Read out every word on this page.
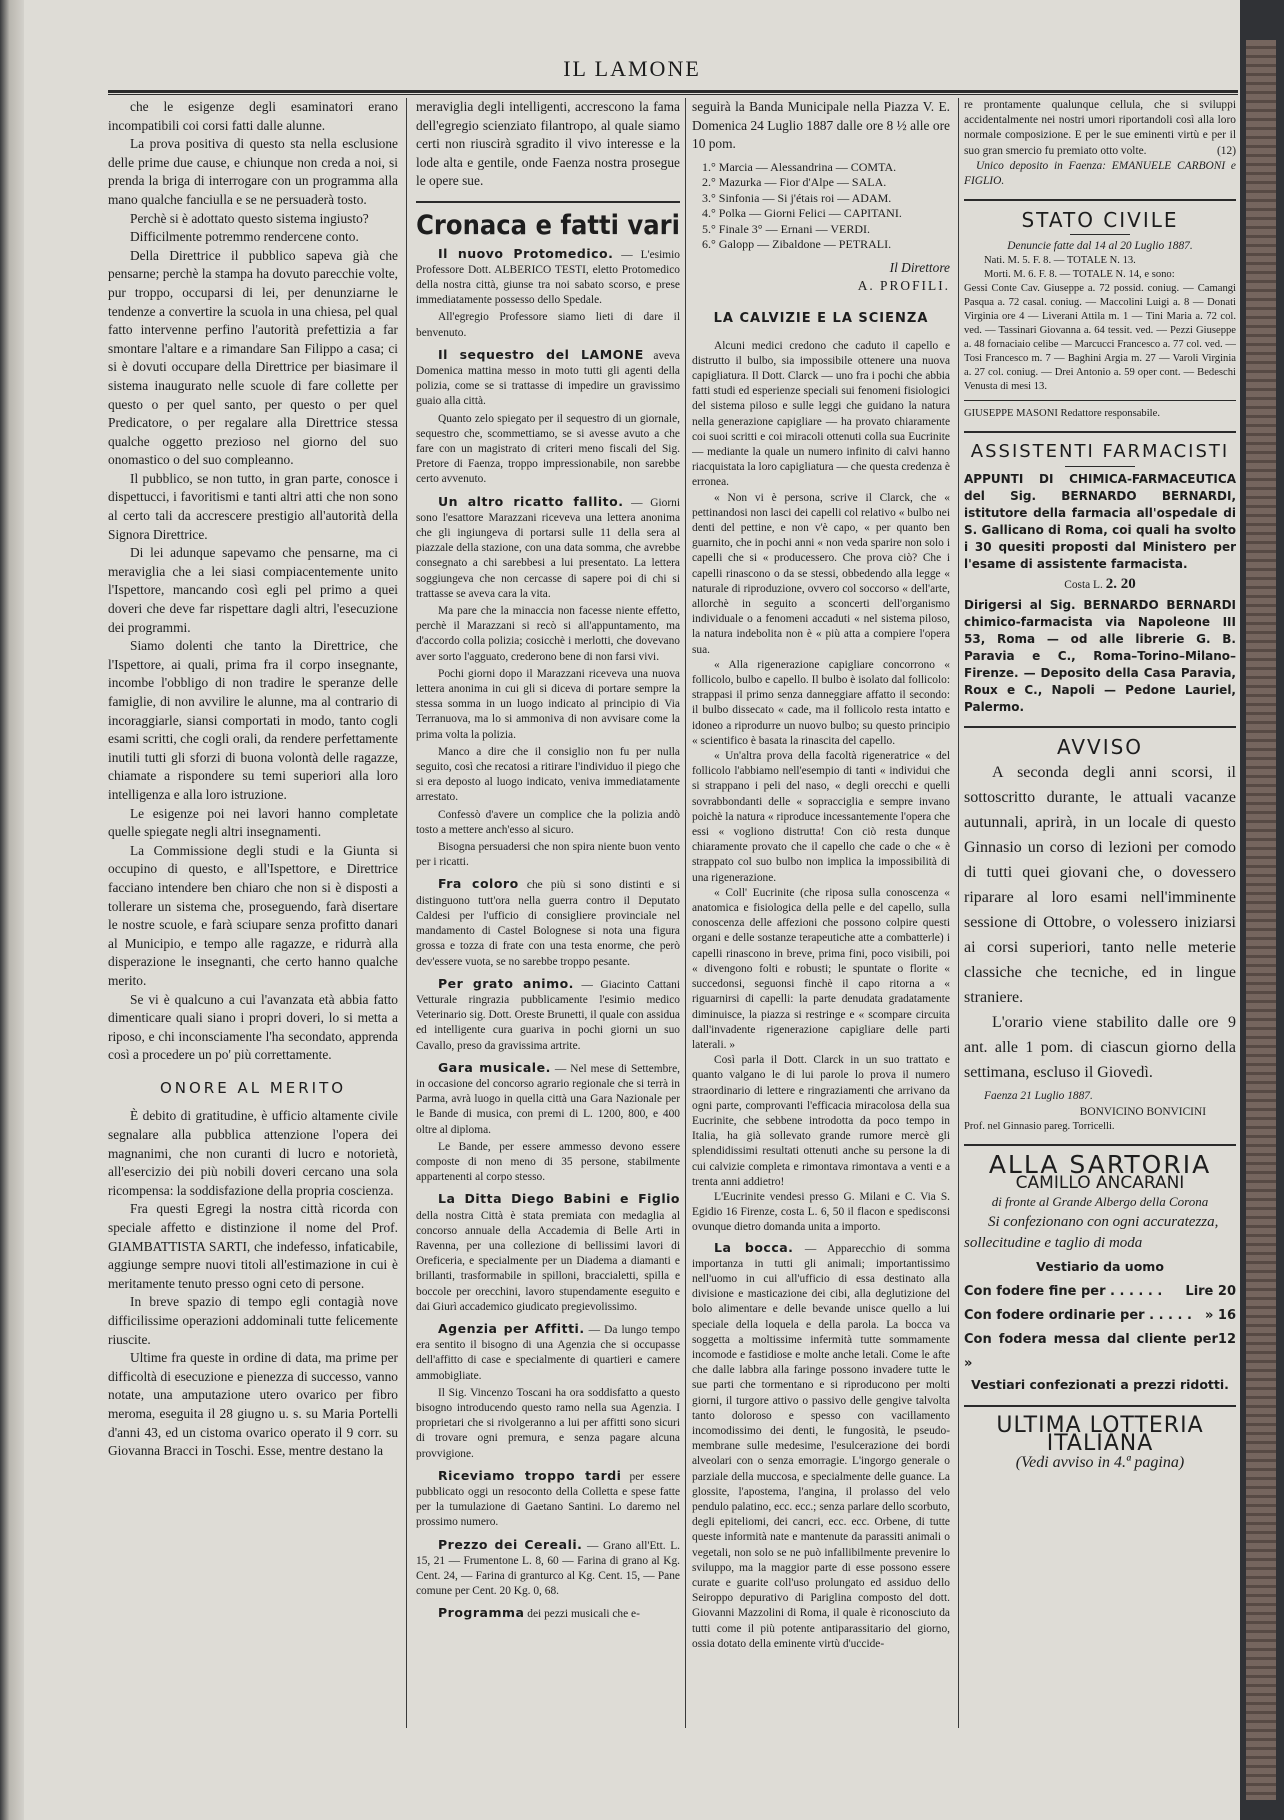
IL LAMONE

che le esigenze degli esaminatori erano incompatibili coi corsi fatti dalle alunne.

La prova positiva di questo sta nella esclusione delle prime due cause, e chiunque non creda a noi, si prenda la briga di interrogare con un programma alla mano qualche fanciulla e se ne persuaderà tosto.

Perchè si è adottato questo sistema ingiusto?

Difficilmente potremmo rendercene conto.

Della Direttrice il pubblico sapeva già che pensarne; perchè la stampa ha dovuto parecchie volte, pur troppo, occuparsi di lei, per denunziarne le tendenze a convertire la scuola in una chiesa, pel qual fatto intervenne perfino l'autorità prefettizia a far smontare l'altare e a rimandare San Filippo a casa; ci si è dovuti occupare della Direttrice per biasimare il sistema inaugurato nelle scuole di fare collette per questo o per quel santo, per questo o per quel Predicatore, o per regalare alla Direttrice stessa qualche oggetto prezioso nel giorno del suo onomastico o del suo compleanno.

Il pubblico, se non tutto, in gran parte, conosce i dispettucci, i favoritismi e tanti altri atti che non sono al certo tali da accrescere prestigio all'autorità della Signora Direttrice.

Di lei adunque sapevamo che pensarne, ma ci meraviglia che a lei siasi compiacentemente unito l'Ispettore, mancando così egli pel primo a quei doveri che deve far rispettare dagli altri, l'esecuzione dei programmi.

Siamo dolenti che tanto la Direttrice, che l'Ispettore, ai quali, prima fra il corpo insegnante, incombe l'obbligo di non tradire le speranze delle famiglie, di non avvilire le alunne, ma al contrario di incoraggiarle, siansi comportati in modo, tanto cogli esami scritti, che cogli orali, da rendere perfettamente inutili tutti gli sforzi di buona volontà delle ragazze, chiamate a rispondere su temi superiori alla loro intelligenza e alla loro istruzione.

Le esigenze poi nei lavori hanno completate quelle spiegate negli altri insegnamenti.

La Commissione degli studi e la Giunta si occupino di questo, e all'Ispettore, e Direttrice facciano intendere ben chiaro che non si è disposti a tollerare un sistema che, proseguendo, farà disertare le nostre scuole, e farà sciupare senza profitto danari al Municipio, e tempo alle ragazze, e ridurrà alla disperazione le insegnanti, che certo hanno qualche merito.

Se vi è qualcuno a cui l'avanzata età abbia fatto dimenticare quali siano i propri doveri, lo si metta a riposo, e chi inconsciamente l'ha secondato, apprenda così a procedere un po' più correttamente.

ONORE AL MERITO

È debito di gratitudine, è ufficio altamente civile segnalare alla pubblica attenzione l'opera dei magnanimi, che non curanti di lucro e notorietà, all'esercizio dei più nobili doveri cercano una sola ricompensa: la soddisfazione della propria coscienza.

Fra questi Egregi la nostra città ricorda con speciale affetto e distinzione il nome del Prof. GIAMBATTISTA SARTI, che indefesso, infaticabile, aggiunge sempre nuovi titoli all'estimazione in cui è meritamente tenuto presso ogni ceto di persone.

In breve spazio di tempo egli contagià nove difficilissime operazioni addominali tutte felicemente riuscite.

Ultime fra queste in ordine di data, ma prime per difficoltà di esecuzione e pienezza di successo, vanno notate, una amputazione utero ovarico per fibro meroma, eseguita il 28 giugno u. s. su Maria Portelli d'anni 43, ed un cistoma ovarico operato il 9 corr. su Giovanna Bracci in Toschi. Esse, mentre destano la

meraviglia degli intelligenti, accrescono la fama dell'egregio scienziato filantropo, al quale siamo certi non riuscirà sgradito il vivo interesse e la lode alta e gentile, onde Faenza nostra prosegue le opere sue.

Cronaca e fatti vari

Il nuovo Protomedico. — L'esimio Professore Dott. ALBERICO TESTI, eletto Protomedico della nostra città, giunse tra noi sabato scorso, e prese immediatamente possesso dello Spedale.

All'egregio Professore siamo lieti di dare il benvenuto.

Il sequestro del LAMONE aveva Domenica mattina messo in moto tutti gli agenti della polizia, come se si trattasse di impedire un gravissimo guaio alla città.

Quanto zelo spiegato per il sequestro di un giornale, sequestro che, scommettiamo, se si avesse avuto a che fare con un magistrato di criteri meno fiscali del Sig. Pretore di Faenza, troppo impressionabile, non sarebbe certo avvenuto.

Un altro ricatto fallito. — Giorni sono l'esattore Marazzani riceveva una lettera anonima che gli ingiungeva di portarsi sulle 11 della sera al piazzale della stazione, con una data somma, che avrebbe consegnato a chi sarebbesi a lui presentato. La lettera soggiungeva che non cercasse di sapere poi di chi si trattasse se aveva cara la vita.

Ma pare che la minaccia non facesse niente effetto, perchè il Marazzani si recò si all'appuntamento, ma d'accordo colla polizia; cosicchè i merlotti, che dovevano aver sorto l'agguato, crederono bene di non farsi vivi.

Pochi giorni dopo il Marazzani riceveva una nuova lettera anonima in cui gli si diceva di portare sempre la stessa somma in un luogo indicato al principio di Via Terranuova, ma lo si ammoniva di non avvisare come la prima volta la polizia.

Manco a dire che il consiglio non fu per nulla seguito, così che recatosi a ritirare l'individuo il piego che si era deposto al luogo indicato, veniva immediatamente arrestato.

Confessò d'avere un complice che la polizia andò tosto a mettere anch'esso al sicuro.

Bisogna persuadersi che non spira niente buon vento per i ricatti.

Fra coloro che più si sono distinti e si distinguono tutt'ora nella guerra contro il Deputato Caldesi per l'ufficio di consigliere provinciale nel mandamento di Castel Bolognese si nota una figura grossa e tozza di frate con una testa enorme, che però dev'essere vuota, se no sarebbe troppo pesante.

Per grato animo. — Giacinto Cattani Vetturale ringrazia pubblicamente l'esimio medico Veterinario sig. Dott. Oreste Brunetti, il quale con assidua ed intelligente cura guariva in pochi giorni un suo Cavallo, preso da gravissima artrite.

Gara musicale. — Nel mese di Settembre, in occasione del concorso agrario regionale che si terrà in Parma, avrà luogo in quella città una Gara Nazionale per le Bande di musica, con premi di L. 1200, 800, e 400 oltre al diploma.

Le Bande, per essere ammesso devono essere composte di non meno di 35 persone, stabilmente appartenenti al corpo stesso.

La Ditta Diego Babini e Figlio della nostra Città è stata premiata con medaglia al concorso annuale della Accademia di Belle Arti in Ravenna, per una collezione di bellissimi lavori di Oreficeria, e specialmente per un Diadema a diamanti e brillanti, trasformabile in spilloni, braccialetti, spilla e boccole per orecchini, lavoro stupendamente eseguito e dai Giurì accademico giudicato pregievolissimo.

Agenzia per Affitti. — Da lungo tempo era sentito il bisogno di una Agenzia che si occupasse dell'affitto di case e specialmente di quartieri e camere ammobigliate.

Il Sig. Vincenzo Toscani ha ora soddisfatto a questo bisogno introducendo questo ramo nella sua Agenzia. I proprietari che si rivolgeranno a lui per affitti sono sicuri di trovare ogni premura, e senza pagare alcuna provvigione.

Riceviamo troppo tardi per essere pubblicato oggi un resoconto della Colletta e spese fatte per la tumulazione di Gaetano Santini. Lo daremo nel prossimo numero.

Prezzo dei Cereali. — Grano all'Ett. L. 15, 21 — Frumentone L. 8, 60 — Farina di grano al Kg. Cent. 24, — Farina di granturco al Kg. Cent. 15, — Pane comune per Cent. 20 Kg. 0, 68.

Programma dei pezzi musicali che e-

seguirà la Banda Municipale nella Piazza V. E. Domenica 24 Luglio 1887 dalle ore 8 ½ alle ore 10 pom.

1.° Marcia — Alessandrina — COMTA.
2.° Mazurka — Fior d'Alpe — SALA.
3.° Sinfonia — Si j'étais roi — ADAM.
4.° Polka — Giorni Felici — CAPITANI.
5.° Finale 3° — Ernani — VERDI.
6.° Galopp — Zibaldone — PETRALI.
Il Direttore
A. PROFILI.
LA CALVIZIE E LA SCIENZA

Alcuni medici credono che caduto il capello e distrutto il bulbo, sia impossibile ottenere una nuova capigliatura. Il Dott. Clarck — uno fra i pochi che abbia fatti studi ed esperienze speciali sui fenomeni fisiologici del sistema piloso e sulle leggi che guidano la natura nella generazione capigliare — ha provato chiaramente coi suoi scritti e coi miracoli ottenuti colla sua Eucrinite — mediante la quale un numero infinito di calvi hanno riacquistata la loro capigliatura — che questa credenza è erronea.

« Non vi è persona, scrive il Clarck, che « pettinandosi non lasci dei capelli col relativo « bulbo nei denti del pettine, e non v'è capo, « per quanto ben guarnito, che in pochi anni « non veda sparire non solo i capelli che si « producessero. Che prova ciò? Che i capelli rinascono o da se stessi, obbedendo alla legge « naturale di riproduzione, ovvero col soccorso « dell'arte, allorchè in seguito a sconcerti dell'organismo individuale o a fenomeni accaduti « nel sistema piloso, la natura indebolita non è « più atta a compiere l'opera sua.

« Alla rigenerazione capigliare concorrono « follicolo, bulbo e capello. Il bulbo è isolato dal follicolo: strappasi il primo senza danneggiare affatto il secondo: il bulbo dissecato « cade, ma il follicolo resta intatto e idoneo a riprodurre un nuovo bulbo; su questo principio « scientifico è basata la rinascita del capello.

« Un'altra prova della facoltà rigeneratrice « del follicolo l'abbiamo nell'esempio di tanti « individui che si strappano i peli del naso, « degli orecchi e quelli sovrabbondanti delle « sopracciglia e sempre invano poichè la natura « riproduce incessantemente l'opera che essi « vogliono distrutta! Con ciò resta dunque chiaramente provato che il capello che cade o che « è strappato col suo bulbo non implica la impossibilità di una rigenerazione.

« Coll' Eucrinite (che riposa sulla conoscenza « anatomica e fisiologica della pelle e del capello, sulla conoscenza delle affezioni che possono colpire questi organi e delle sostanze terapeutiche atte a combatterle) i capelli rinascono in breve, prima fini, poco visibili, poi « divengono folti e robusti; le spuntate o florite « succedonsi, seguonsi finchè il capo ritorna a « riguarnirsi di capelli: la parte denudata gradatamente diminuisce, la piazza si restringe e « scompare circuita dall'invadente rigenerazione capigliare delle parti laterali. »

Così parla il Dott. Clarck in un suo trattato e quanto valgano le di lui parole lo prova il numero straordinario di lettere e ringraziamenti che arrivano da ogni parte, comprovanti l'efficacia miracolosa della sua Eucrinite, che sebbene introdotta da poco tempo in Italia, ha già sollevato grande rumore mercè gli splendidissimi resultati ottenuti anche su persone la di cui calvizie completa e rimontava rimontava a venti e a trenta anni addietro!

L'Eucrinite vendesi presso G. Milani e C. Via S. Egidio 16 Firenze, costa L. 6, 50 il flacon e spedisconsi ovunque dietro domanda unita a importo.

La bocca. — Apparecchio di somma importanza in tutti gli animali; importantissimo nell'uomo in cui all'ufficio di essa destinato alla divisione e masticazione dei cibi, alla deglutizione del bolo alimentare e delle bevande unisce quello a lui speciale della loquela e della parola. La bocca va soggetta a moltissime infermità tutte sommamente incomode e fastidiose e molte anche letali. Come le afte che dalle labbra alla faringe possono invadere tutte le sue parti che tormentano e si riproducono per molti giorni, il turgore attivo o passivo delle gengive talvolta tanto doloroso e spesso con vacillamento incomodissimo dei denti, le fungosità, le pseudo-membrane sulle medesime, l'esulcerazione dei bordi alveolari con o senza emorragie. L'ingorgo generale o parziale della muccosa, e specialmente delle guance. La glossite, l'apostema, l'angina, il prolasso del velo pendulo palatino, ecc. ecc.; senza parlare dello scorbuto, degli epiteliomi, dei cancri, ecc. ecc. Orbene, di tutte queste informità nate e mantenute da parassiti animali o vegetali, non solo se ne può infallibilmente prevenire lo sviluppo, ma la maggior parte di esse possono essere curate e guarite coll'uso prolungato ed assiduo dello Seiroppo depurativo di Pariglina composto del dott. Giovanni Mazzolini di Roma, il quale è riconosciuto da tutti come il più potente antiparassitario del giorno, ossia dotato della eminente virtù d'uccide-

re prontamente qualunque cellula, che si sviluppi accidentalmente nei nostri umori riportandoli così alla loro normale composizione. E per le sue eminenti virtù e per il suo gran smercio fu premiato otto volte.	(12)
Unico deposito in Faenza: EMANUELE CARBONI e FIGLIO.
STATO CIVILE
Denuncie fatte dal 14 al 20 Luglio 1887.
Nati. M. 5. F. 8. — TOTALE N. 13.
Morti. M. 6. F. 8. — TOTALE N. 14, e sono:
Gessi Conte Cav. Giuseppe a. 72 possid. coniug. — Camangi Pasqua a. 72 casal. coniug. — Maccolini Luigi a. 8 — Donati Virginia ore 4 — Liverani Attila m. 1 — Tini Maria a. 72 col. ved. — Tassinari Giovanna a. 64 tessit. ved. — Pezzi Giuseppe a. 48 fornaciaio celibe — Marcucci Francesco a. 77 col. ved. — Tosi Francesco m. 7 — Baghini Argia m. 27 — Varoli Virginia a. 27 col. coniug. — Drei Antonio a. 59 oper cont. — Bedeschi Venusta di mesi 13.
GIUSEPPE MASONI Redattore responsabile.
ASSISTENTI FARMACISTI
APPUNTI DI CHIMICA-FARMACEUTICA del Sig. BERNARDO BERNARDI, istitutore della farmacia all'ospedale di S. Gallicano di Roma, coi quali ha svolto i 30 quesiti proposti dal Ministero per l'esame di assistente farmacista.
Costa L. 2. 20
Dirigersi al Sig. BERNARDO BERNARDI chimico-farmacista via Napoleone III 53, Roma — od alle librerie G. B. Paravia e C., Roma–Torino–Milano–Firenze. — Deposito della Casa Paravia, Roux e C., Napoli — Pedone Lauriel, Palermo.
AVVISO

A seconda degli anni scorsi, il sottoscritto durante, le attuali vacanze autunnali, aprirà, in un locale di questo Ginnasio un corso di lezioni per comodo di tutti quei giovani che, o dovessero riparare al loro esami nell'imminente sessione di Ottobre, o volessero iniziarsi ai corsi superiori, tanto nelle meterie classiche che tecniche, ed in lingue straniere.

L'orario viene stabilito dalle ore 9 ant. alle 1 pom. di ciascun giorno della settimana, escluso il Giovedì.

Faenza 21 Luglio 1887.
BONVICINO BONVICINI
Prof. nel Ginnasio pareg. Torricelli.
ALLA SARTORIA
CAMILLO ANCARANI
di fronte al Grande Albergo della Corona
Si confezionano con ogni accuratezza, sollecitudine e taglio di moda
Vestiario da uomo
Con fodere fine per . . . . . . Lire 20
Con fodere ordinarie per . . . . . » 16
Con fodera messa dal cliente per »
12
Vestiari confezionati a prezzi ridotti.
ULTIMA LOTTERIA ITALIANA
(Vedi avviso in 4.ª pagina)
